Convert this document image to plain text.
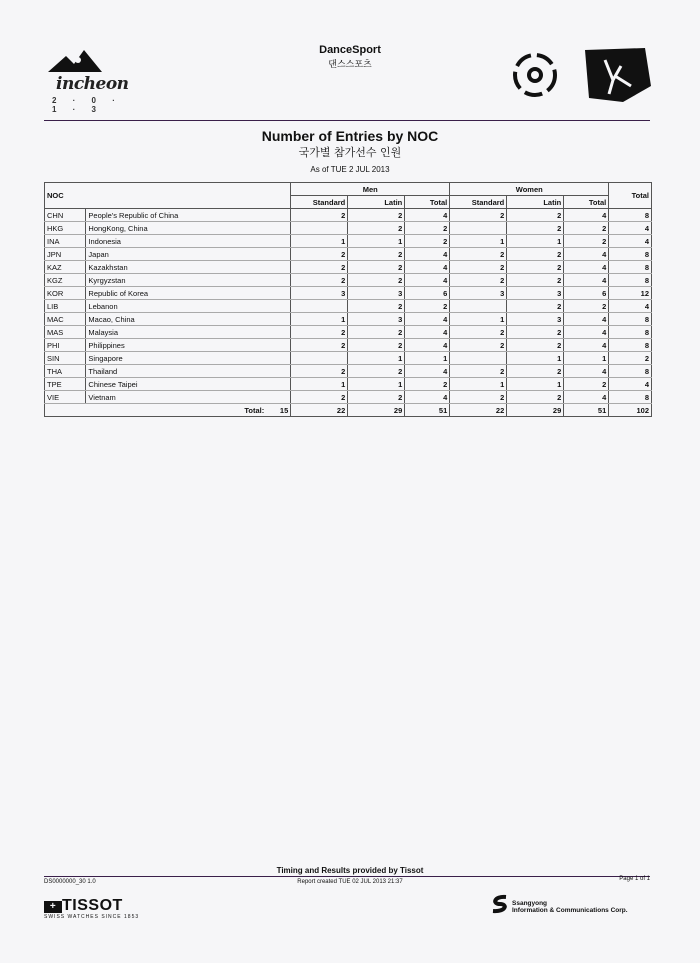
incheon
2 · 0 · 1 · 3
DanceSport
댄스스포츠
Number of Entries by NOC
국가별 참가선수 인원
As of TUE 2 JUL 2013
NOC			Men			Women			Total
			Standard	Latin	Total	Standard	Latin	Total	
CHN	People's Republic of China		2	2	4	2	2	4	8
HKG	HongKong, China			2	2		2	2	4
INA	Indonesia		1	1	2	1	1	2	4
JPN	Japan		2	2	4	2	2	4	8
KAZ	Kazakhstan		2	2	4	2	2	4	8
KGZ	Kyrgyzstan		2	2	4	2	2	4	8
KOR	Republic of Korea		3	3	6	3	3	6	12
LIB	Lebanon			2	2		2	2	4
MAC	Macao, China		1	3	4	1	3	4	8
MAS	Malaysia		2	2	4	2	2	4	8
PHI	Philippines		2	2	4	2	2	4	8
SIN	Singapore			1	1		1	1	2
THA	Thailand		2	2	4	2	2	4	8
TPE	Chinese Taipei		1	1	2	1	1	2	4
VIE	Vietnam		2	2	4	2	2	4	8
	Total:	15	22	29	51	22	29	51	102
Timing and Results provided by Tissot
DS0000000_30 1.0	Report created TUE 02 JUL 2013 21:37	Page 1 of 1
+ TISSOT
SWISS WATCHES SINCE 1853
Ssangyong
Information & Communications Corp.
